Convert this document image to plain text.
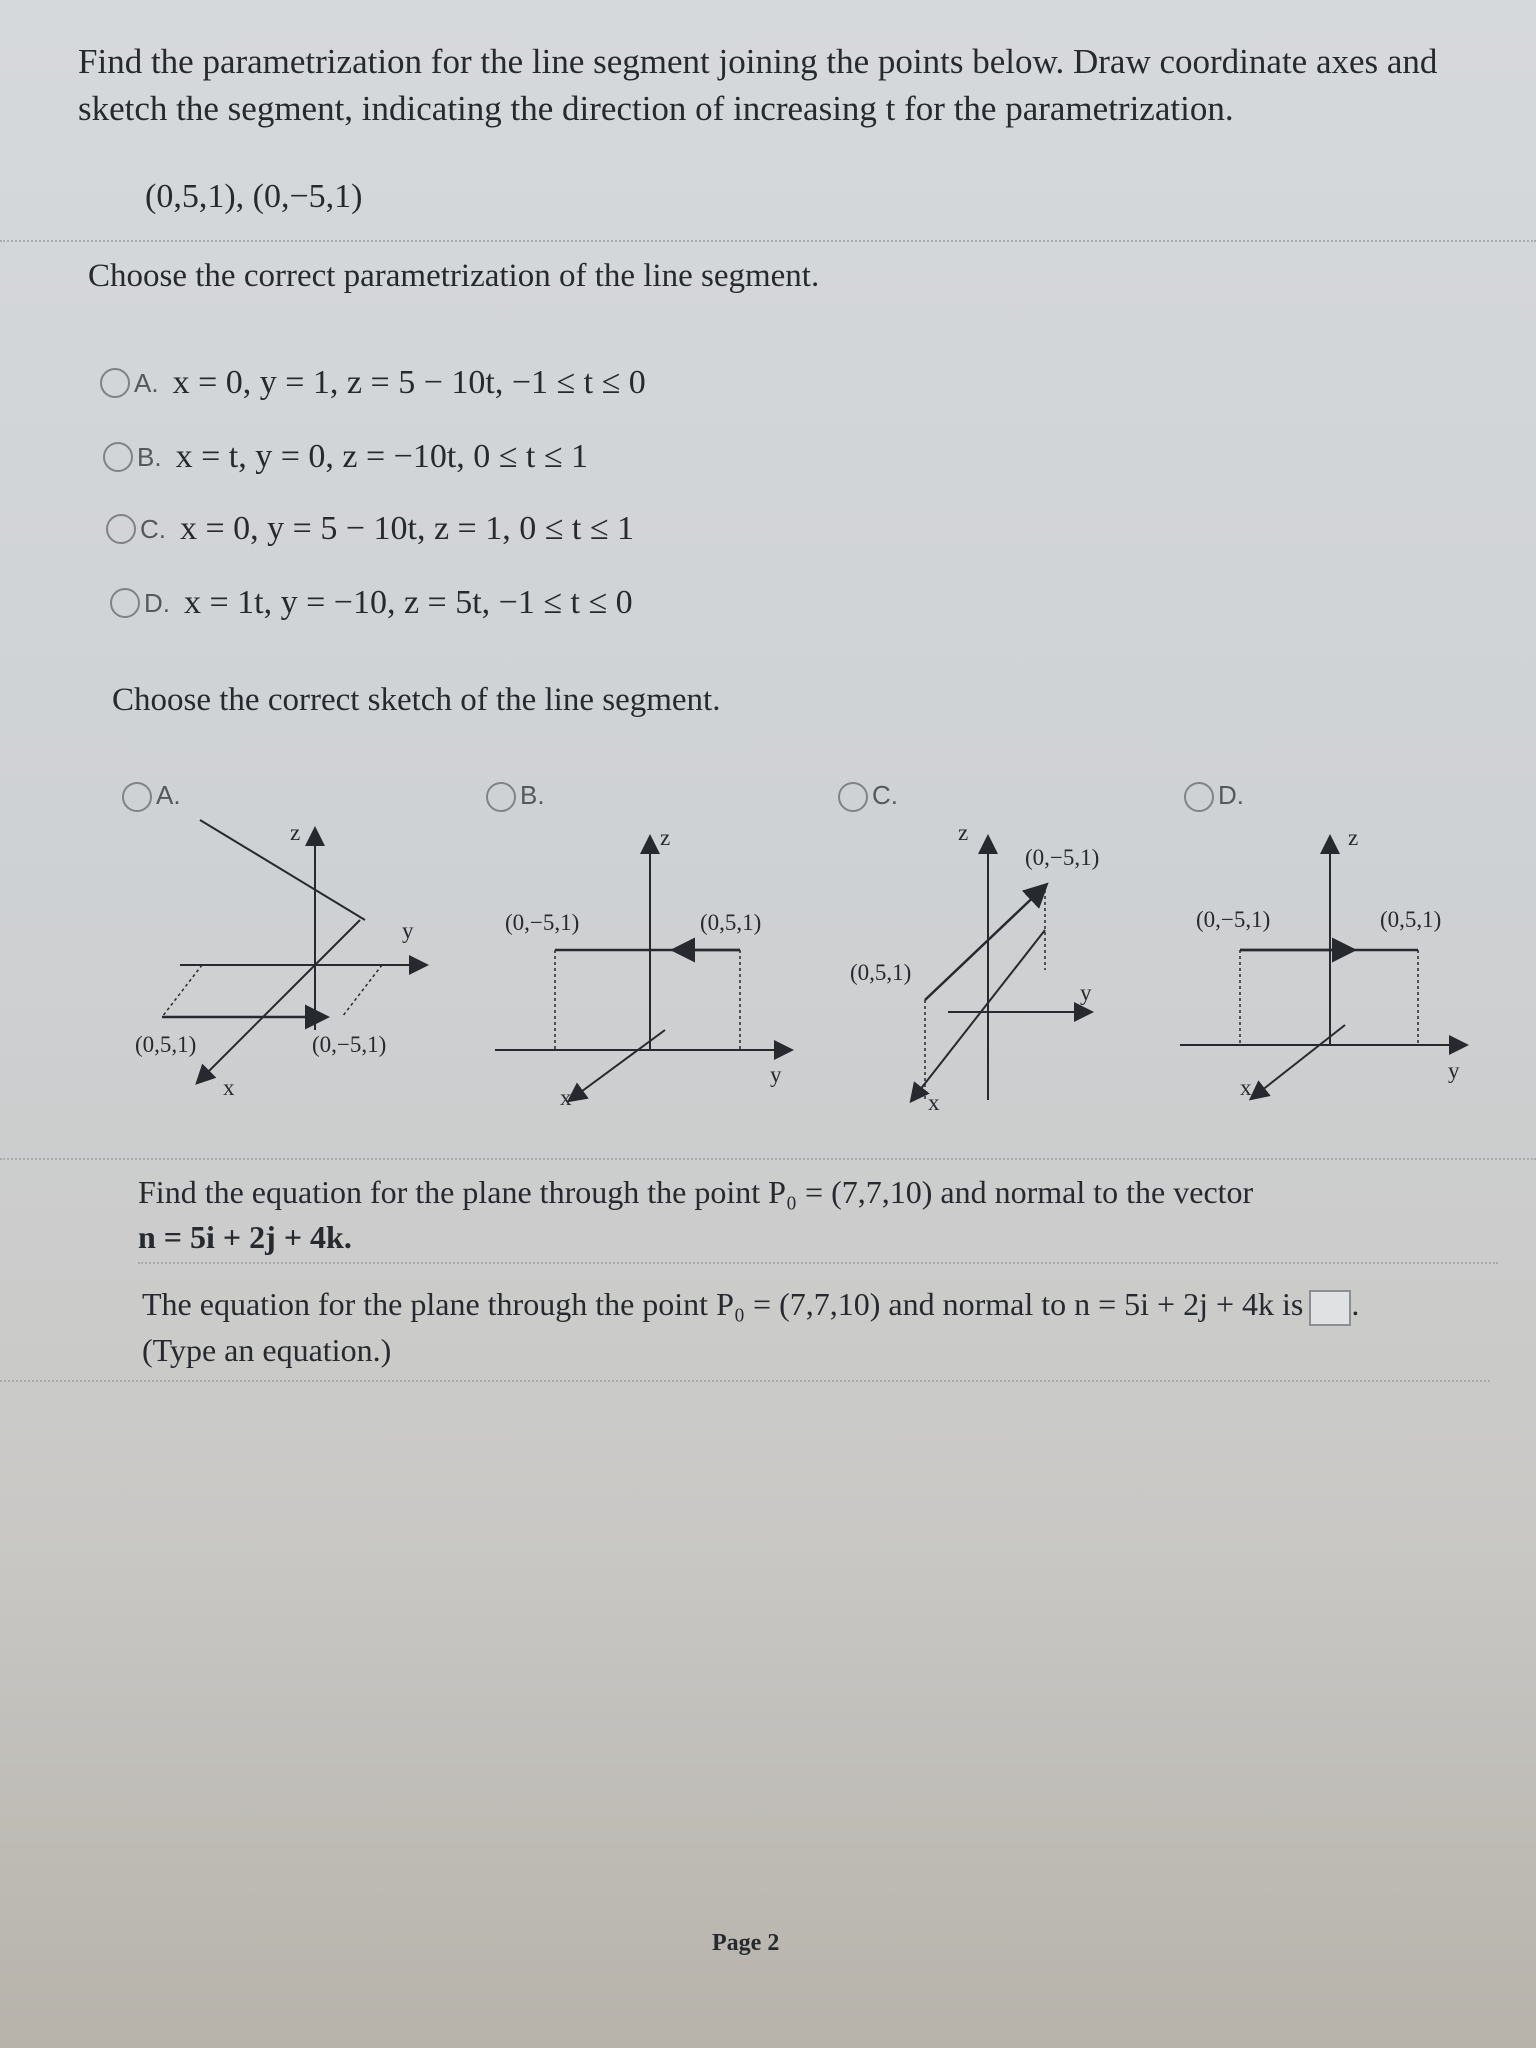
Find the parametrization for the line segment joining the points below. Draw coordinate axes and sketch the segment, indicating the direction of increasing t for the parametrization.
(0,5,1), (0,−5,1)
Choose the correct parametrization of the line segment.
A. x = 0, y = 1, z = 5 − 10t, −1 ≤ t ≤ 0
B. x = t, y = 0, z = −10t, 0 ≤ t ≤ 1
C. x = 0, y = 5 − 10t, z = 1, 0 ≤ t ≤ 1
D. x = 1t, y = −10, z = 5t, −1 ≤ t ≤ 0
Choose the correct sketch of the line segment.
A.	B.	C.	D.
z
y
x
(0,5,1)	(0,−5,1)
z
y
x
(0,−5,1)	(0,5,1)
z
y
x
(0,−5,1)
(0,5,1)
z
y
x
(0,−5,1)	(0,5,1)
Find the equation for the plane through the point P₀ = (7,7,10) and normal to the vector
n = 5i + 2j + 4k.
The equation for the plane through the point P₀ = (7,7,10) and normal to n = 5i + 2j + 4k is .
(Type an equation.)
Page 2
